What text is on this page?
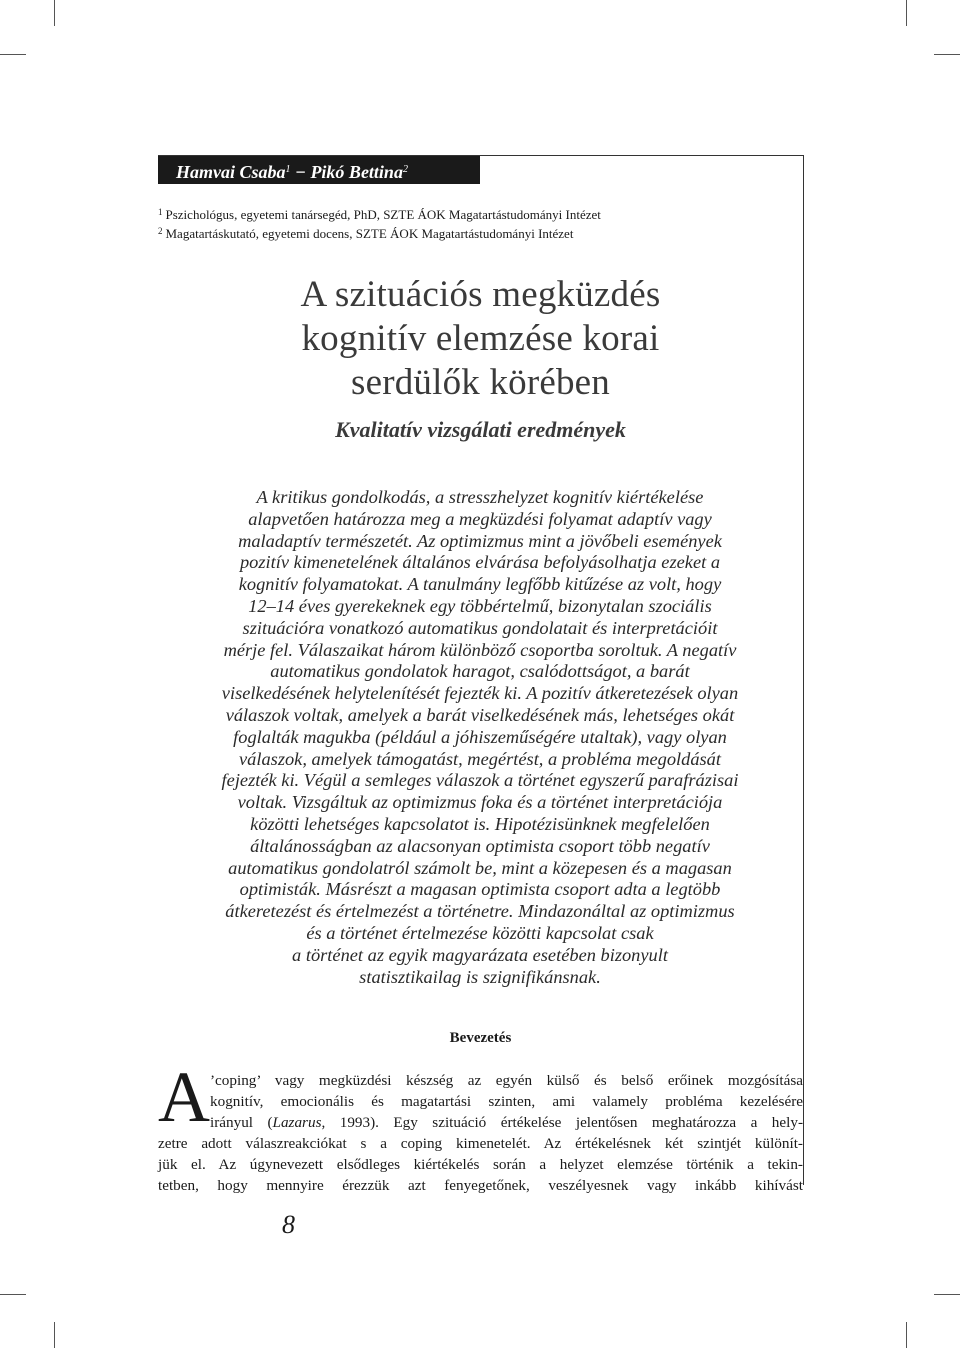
Hamvai Csaba$^1$ − Pikó Bettina$^2$
$^1$ Pszichológus, egyetemi tanársegéd, PhD, SZTE ÁOK Magatartástudományi Intézet
$^2$ Magatartáskutató, egyetemi docens, SZTE ÁOK Magatartástudományi Intézet
A szituációs megküzdés
kognitív elemzése korai
serdülők körében
Kvalitatív vizsgálati eredmények

A kritikus gondolkodás, a stresszhelyzet kognitív kiértékelése
alapvetően határozza meg a megküzdési folyamat adaptív vagy
maladaptív természetét. Az optimizmus mint a jövőbeli események
pozitív kimenetelének általános elvárása befolyásolhatja ezeket a
kognitív folyamatokat. A tanulmány legfőbb kitűzése az volt, hogy
12–14 éves gyerekeknek egy többértelmű, bizonytalan szociális
szituációra vonatkozó automatikus gondolatait és interpretációit
mérje fel. Válaszaikat három különböző csoportba soroltuk. A negatív
automatikus gondolatok haragot, csalódottságot, a barát
viselkedésének helytelenítését fejezték ki. A pozitív átkeretezések olyan
válaszok voltak, amelyek a barát viselkedésének más, lehetséges okát
foglalták magukba (például a jóhiszeműségére utaltak), vagy olyan
válaszok, amelyek támogatást, megértést, a probléma megoldását
fejezték ki. Végül a semleges válaszok a történet egyszerű parafrázisai
voltak. Vizsgáltuk az optimizmus foka és a történet interpretációja
közötti lehetséges kapcsolatot is. Hipotézisünknek megfelelően
általánosságban az alacsonyan optimista csoport több negatív
automatikus gondolatról számolt be, mint a közepesen és a magasan
optimisták. Másrészt a magasan optimista csoport adta a legtöbb
átkeretezést és értelmezést a történetre. Mindazonáltal az optimizmus
és a történet értelmezése közötti kapcsolat csak
a történet az egyik magyarázata esetében bizonyult
statisztikailag is szignifikánsnak.

Bevezetés
A ’coping’ vagy megküzdési készség az egyén külső és belső erőinek mozgósítása
kognitív, emocionális és magatartási szinten, ami valamely probléma kezelésére
irányul (Lazarus, 1993). Egy szituáció értékelése jelentősen meghatározza a hely-
zetre adott válaszreakciókat s a coping kimenetelét. Az értékelésnek két szintjét különít-
jük el. Az úgynevezett elsődleges kiértékelés során a helyzet elemzése történik a tekin-
tetben, hogy mennyire érezzük azt fenyegetőnek, veszélyesnek vagy inkább kihívást

8
